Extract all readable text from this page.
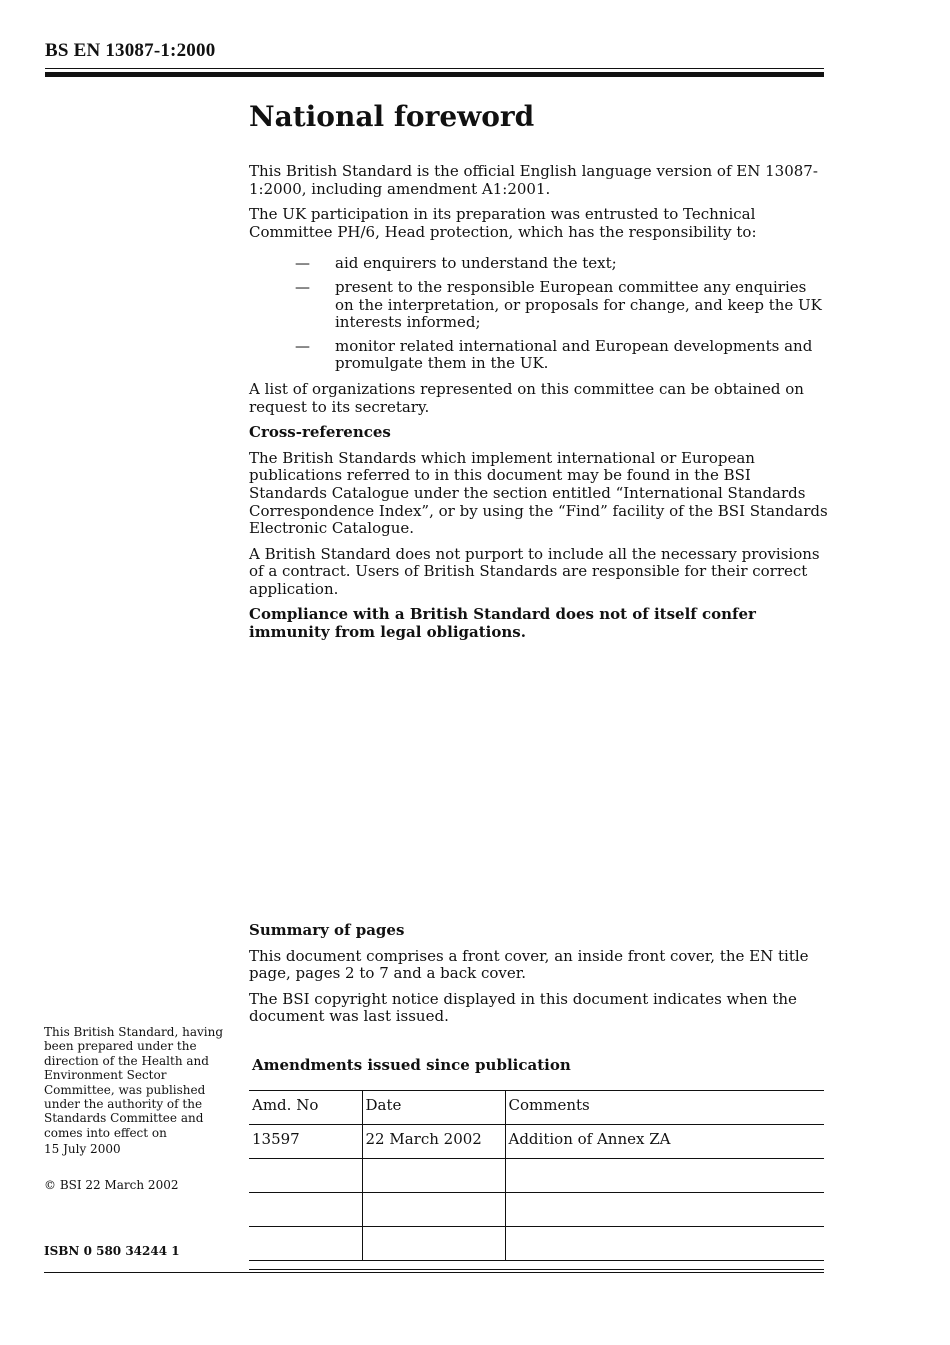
BS EN 13087-1:2000
National foreword

This British Standard is the official English language version of EN 13087-1:2000, including amendment A1:2001.

The UK participation in its preparation was entrusted to Technical Committee PH/6, Head protection, which has the responsibility to:

— aid enquirers to understand the text;
— present to the responsible European committee any enquiries on the interpretation, or proposals for change, and keep the UK interests informed;
— monitor related international and European developments and promulgate them in the UK.

A list of organizations represented on this committee can be obtained on request to its secretary.

Cross-references

The British Standards which implement international or European publications referred to in this document may be found in the BSI Standards Catalogue under the section entitled “International Standards Correspondence Index”, or by using the “Find” facility of the BSI Standards Electronic Catalogue.

A British Standard does not purport to include all the necessary provisions of a contract. Users of British Standards are responsible for their correct application.

Compliance with a British Standard does not of itself confer immunity from legal obligations.

Summary of pages

This document comprises a front cover, an inside front cover, the EN title page, pages 2 to 7 and a back cover.

The BSI copyright notice displayed in this document indicates when the document was last issued.

Amendments issued since publication
Amd. No	Date	Comments
13597	22 March 2002	Addition of Annex ZA

This British Standard, having been prepared under the direction of the Health and Environment Sector Committee, was published under the authority of the Standards Committee and comes into effect on

15 July 2000

© BSI 22 March 2002
ISBN 0 580 34244 1
